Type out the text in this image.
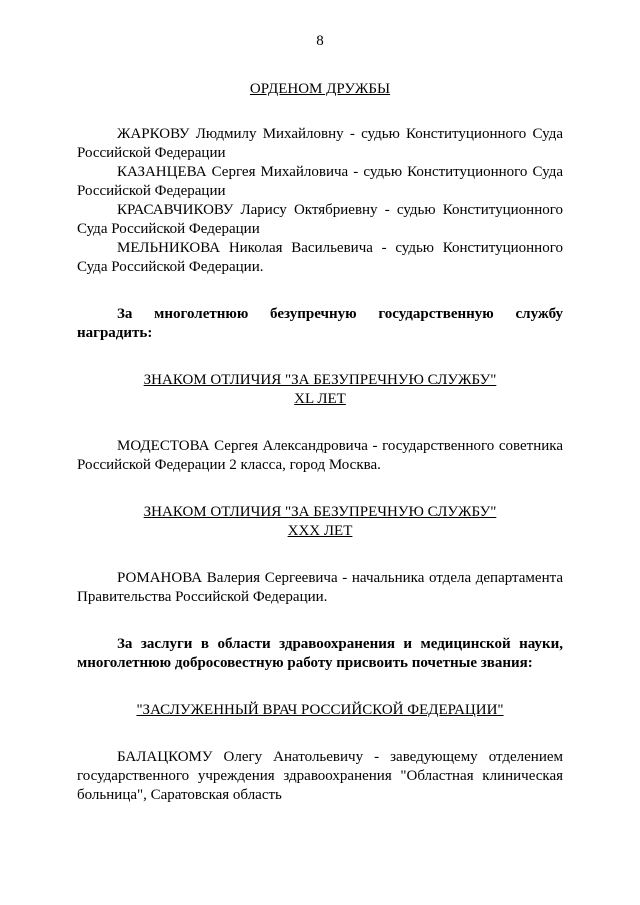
8

ОРДЕНОМ ДРУЖБЫ

ЖАРКОВУ Людмилу Михайловну - судью Конституционного Суда Российской Федерации

КАЗАНЦЕВА Сергея Михайловича - судью Конституционного Суда Российской Федерации

КРАСАВЧИКОВУ Ларису Октябриевну - судью Конституционного Суда Российской Федерации

МЕЛЬНИКОВА Николая Васильевича - судью Конституционного Суда Российской Федерации.

За многолетнюю безупречную государственную службу наградить:

ЗНАКОМ ОТЛИЧИЯ "ЗА БЕЗУПРЕЧНУЮ СЛУЖБУ"

XL ЛЕТ

МОДЕСТОВА Сергея Александровича - государственного советника Российской Федерации 2 класса, город Москва.

ЗНАКОМ ОТЛИЧИЯ "ЗА БЕЗУПРЕЧНУЮ СЛУЖБУ"

XXX ЛЕТ

РОМАНОВА Валерия Сергеевича - начальника отдела департамента Правительства Российской Федерации.

За заслуги в области здравоохранения и медицинской науки, многолетнюю добросовестную работу присвоить почетные звания:

"ЗАСЛУЖЕННЫЙ ВРАЧ РОССИЙСКОЙ ФЕДЕРАЦИИ"

БАЛАЦКОМУ Олегу Анатольевичу - заведующему отделением государственного учреждения здравоохранения "Областная клиническая больница", Саратовская область
